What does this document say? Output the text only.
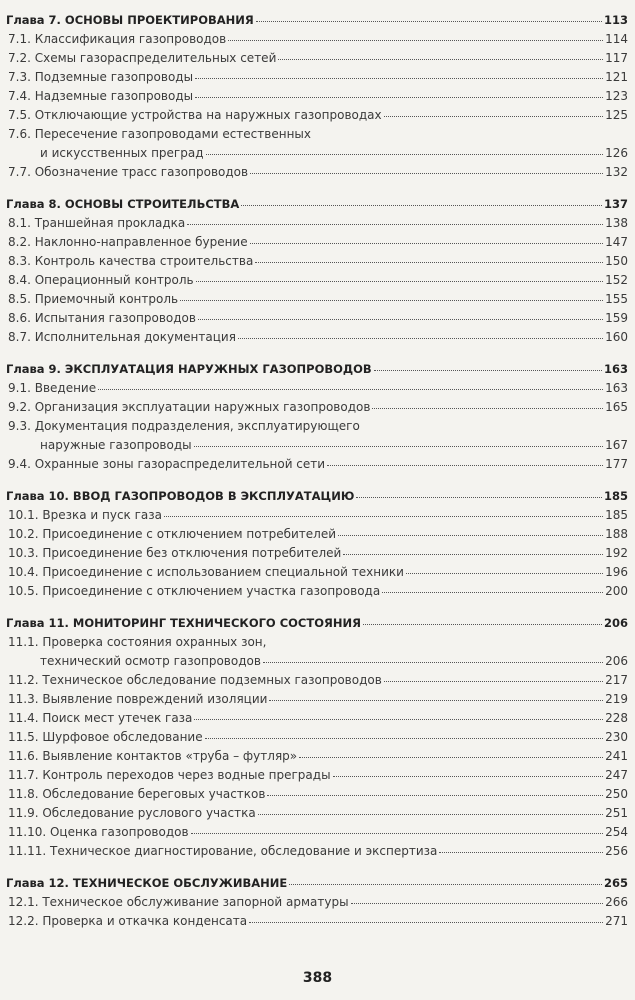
Глава 7. ОСНОВЫ ПРОЕКТИРОВАНИЯ	113
7.1. Классификация газопроводов	114
7.2. Схемы газораспределительных сетей	117
7.3. Подземные газопроводы	121
7.4. Надземные газопроводы	123
7.5. Отключающие устройства на наружных газопроводах	125
7.6. Пересечение газопроводами естественных
и искусственных преград	126
7.7. Обозначение трасс газопроводов	132
Глава 8. ОСНОВЫ СТРОИТЕЛЬСТВА	137
8.1. Траншейная прокладка	138
8.2. Наклонно-направленное бурение	147
8.3. Контроль качества строительства	150
8.4. Операционный контроль	152
8.5. Приемочный контроль	155
8.6. Испытания газопроводов	159
8.7. Исполнительная документация	160
Глава 9. ЭКСПЛУАТАЦИЯ НАРУЖНЫХ ГАЗОПРОВОДОВ	163
9.1. Введение	163
9.2. Организация эксплуатации наружных газопроводов	165
9.3. Документация подразделения, эксплуатирующего
наружные газопроводы	167
9.4. Охранные зоны газораспределительной сети	177
Глава 10. ВВОД ГАЗОПРОВОДОВ В ЭКСПЛУАТАЦИЮ	185
10.1. Врезка и пуск газа	185
10.2. Присоединение с отключением потребителей	188
10.3. Присоединение без отключения потребителей	192
10.4. Присоединение с использованием специальной техники	196
10.5. Присоединение с отключением участка газопровода	200
Глава 11. МОНИТОРИНГ ТЕХНИЧЕСКОГО СОСТОЯНИЯ	206
11.1. Проверка состояния охранных зон,
технический осмотр газопроводов	206
11.2. Техническое обследование подземных газопроводов	217
11.3. Выявление повреждений изоляции	219
11.4. Поиск мест утечек газа	228
11.5. Шурфовое обследование	230
11.6. Выявление контактов «труба – футляр»	241
11.7. Контроль переходов через водные преграды	247
11.8. Обследование береговых участков	250
11.9. Обследование руслового участка	251
11.10. Оценка газопроводов	254
11.11. Техническое диагностирование, обследование и экспертиза	256
Глава 12. ТЕХНИЧЕСКОЕ ОБСЛУЖИВАНИЕ	265
12.1. Техническое обслуживание запорной арматуры	266
12.2. Проверка и откачка конденсата	271
388
